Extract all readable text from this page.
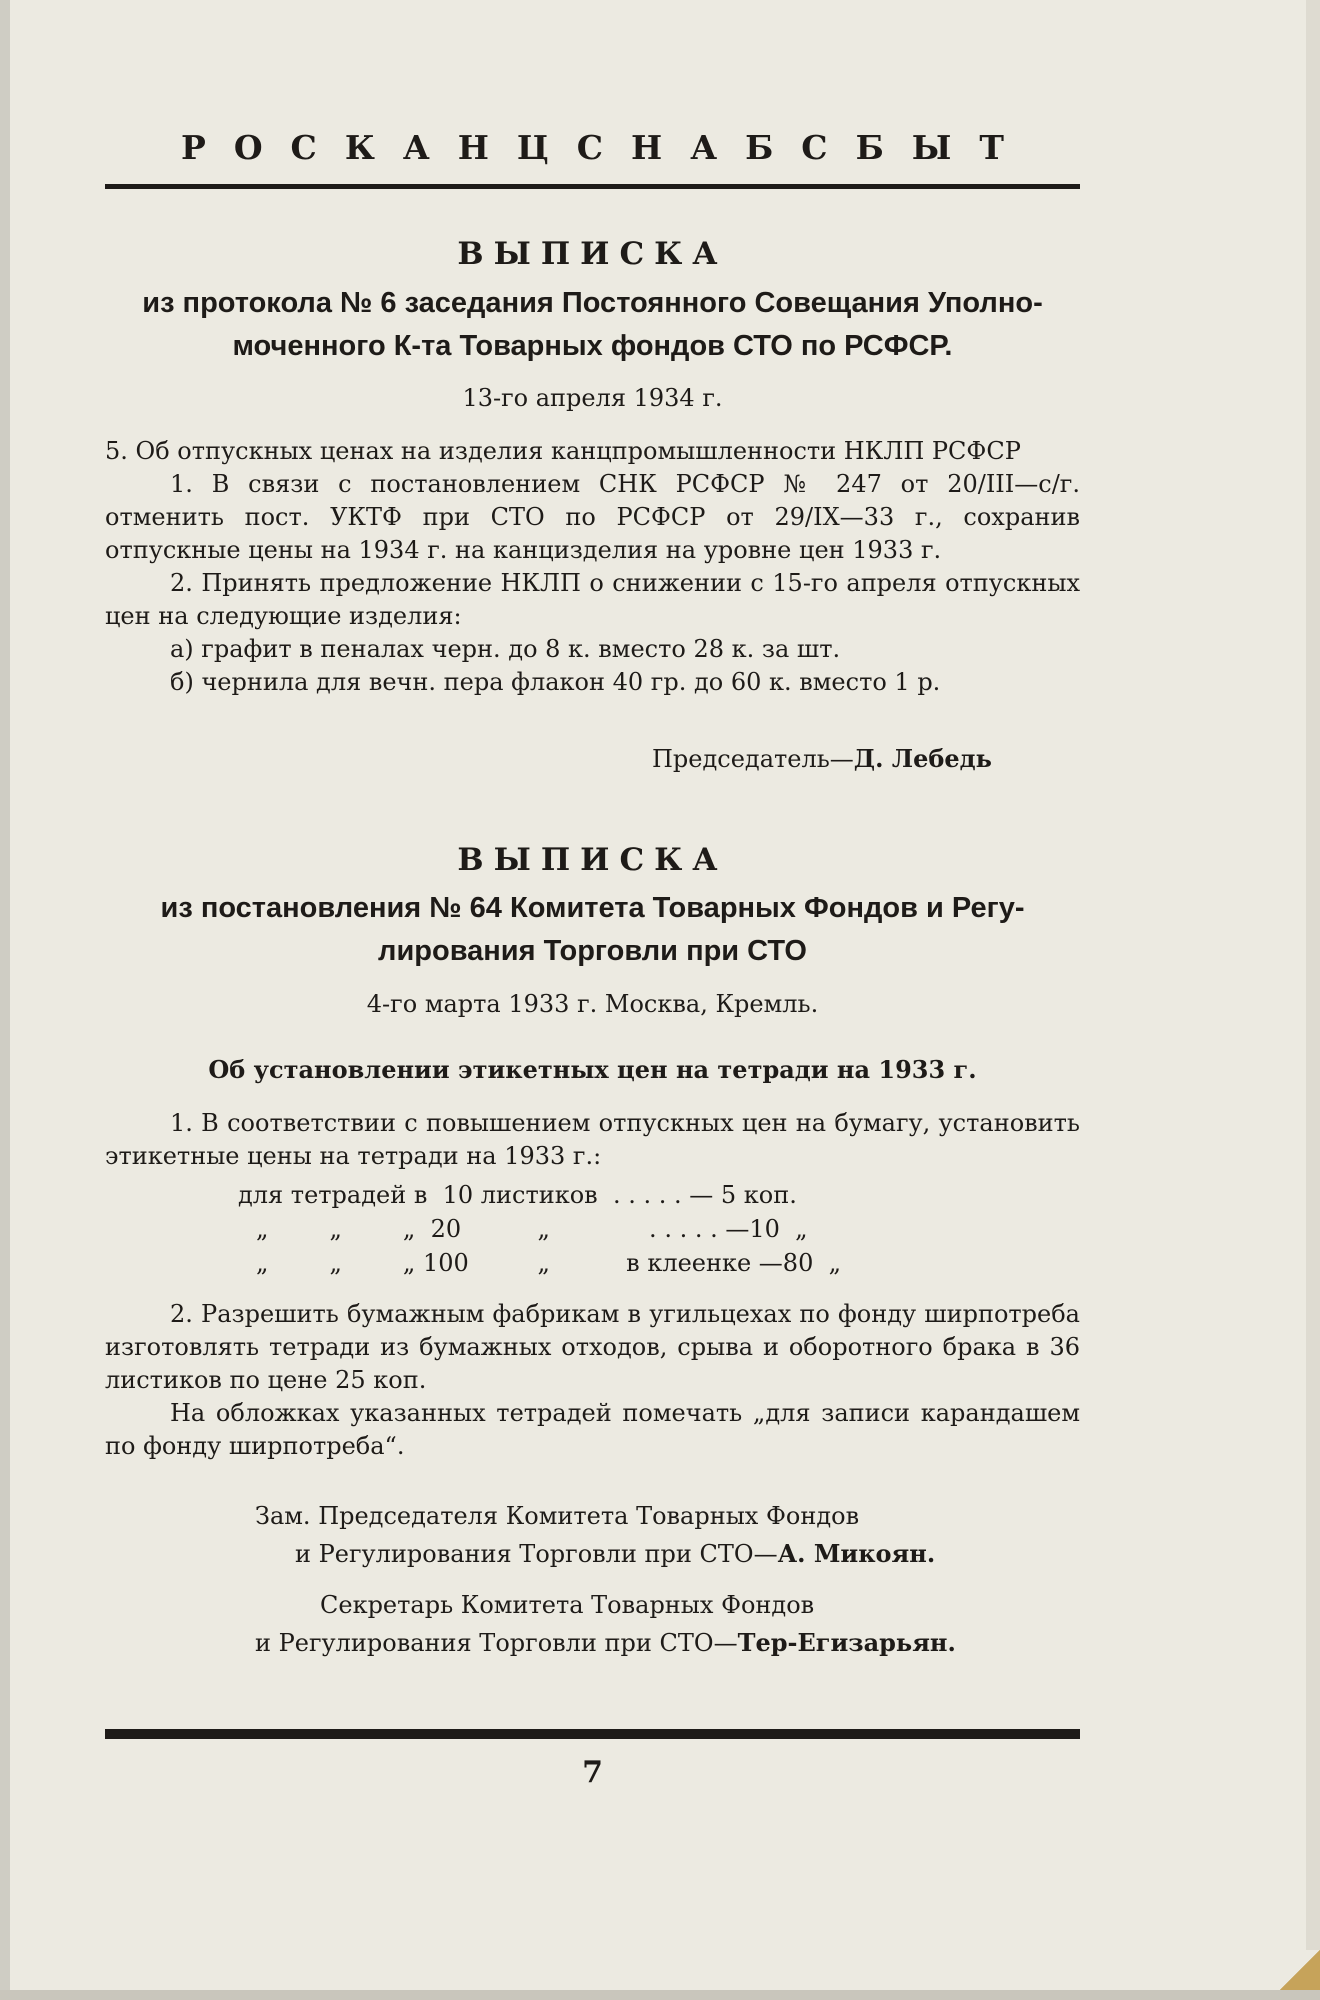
РОСКАНЦСНАБСБЫТ
ВЫПИСКА
из протокола № 6 заседания Постоянного Совещания Уполно-
моченного К-та Товарных фондов СТО по РСФСР.
13-го апреля 1934 г.

5. Об отпускных ценах на изделия канцпромышленности НКЛП РСФСР

1. В связи с постановлением СНК РСФСР № 247 от 20/III—с/г. отменить пост. УКТФ при СТО по РСФСР от 29/IX—33 г., сохранив отпускные цены на 1934 г. на канцизделия на уровне цен 1933 г.

2. Принять предложение НКЛП о снижении с 15-го апреля отпускных цен на следующие изделия:

а) графит в пеналах черн. до 8 к. вместо 28 к. за шт.

б) чернила для вечн. пера флакон 40 гр. до 60 к. вместо 1 р.

Председатель—Д. Лебедь
ВЫПИСКА
из постановления № 64 Комитета Товарных Фондов и Регу-
лирования Торговли при СТО
4-го марта 1933 г. Москва, Кремль.
Об установлении этикетных цен на тетради на 1933 г.

1. В соответствии с повышением отпускных цен на бумагу, установить этикетные цены на тетради на 1933 г.:

для тетрадей в  10 листиков  . . . . . — 5 коп.
„        „        „  20          „             . . . . . —10  „
„        „        „ 100         „          в клеенке —80  „

2. Разрешить бумажным фабрикам в угильцехах по фонду ширпотреба изготовлять тетради из бумажных отходов, срыва и оборотного брака в 36 листиков по цене 25 коп.

На обложках указанных тетрадей помечать „для записи карандашем по фонду ширпотреба“.

Зам. Председателя Комитета Товарных Фондов
и Регулирования Торговли при СТО—А. Микоян.
Секретарь Комитета Товарных Фондов
и Регулирования Торговли при СТО—Тер-Егизарьян.
7
